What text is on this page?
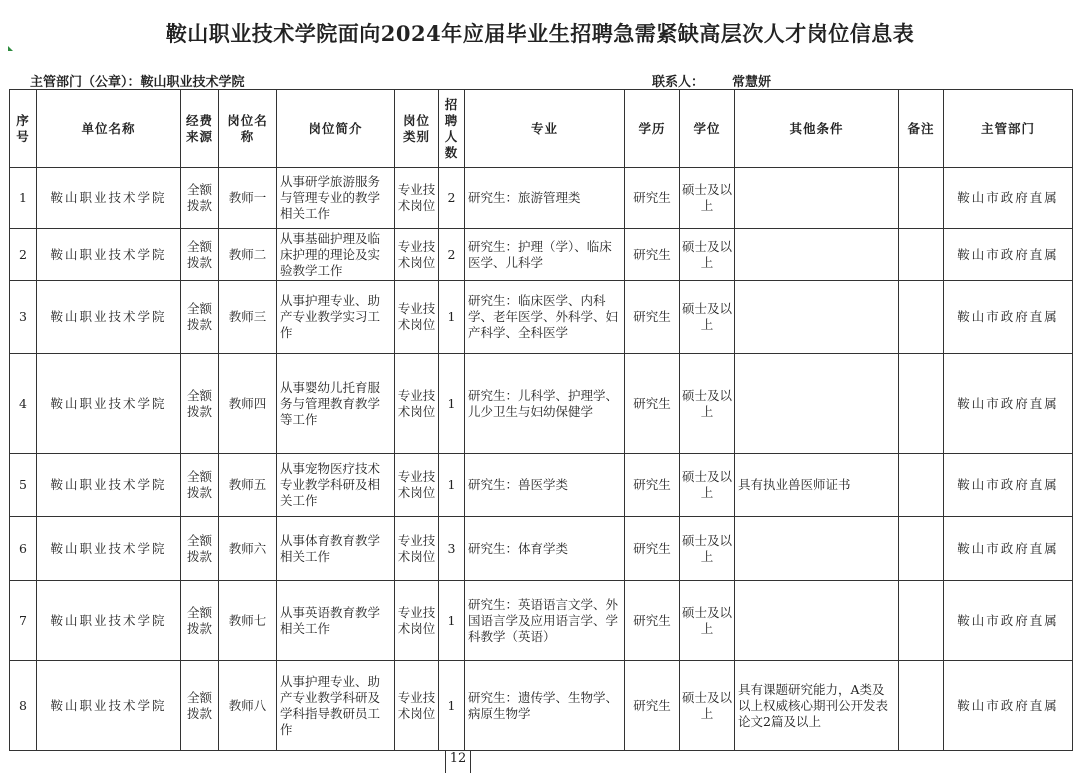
鞍山职业技术学院面向2024年应届毕业生招聘急需紧缺高层次人才岗位信息表
主管部门（公章）：鞍山职业技术学院	联系人： 常慧妍
序号	单位名称	经费来源	岗位名称	岗位简介	岗位类别	招聘人数	专业	学历	学位	其他条件	备注	主管部门
1	鞍山职业技术学院	全额拨款	教师一	从事研学旅游服务与管理专业的教学相关工作	专业技术岗位	2	研究生：旅游管理类	研究生	硕士及以上			鞍山市政府直属
2	鞍山职业技术学院	全额拨款	教师二	从事基础护理及临床护理的理论及实验教学工作	专业技术岗位	2	研究生：护理（学）、临床医学、儿科学	研究生	硕士及以上			鞍山市政府直属
3	鞍山职业技术学院	全额拨款	教师三	从事护理专业、助产专业教学实习工作	专业技术岗位	1	研究生：临床医学、内科学、老年医学、外科学、妇产科学、全科医学	研究生	硕士及以上			鞍山市政府直属
4	鞍山职业技术学院	全额拨款	教师四	从事婴幼儿托育服务与管理教育教学等工作	专业技术岗位	1	研究生：儿科学、护理学、儿少卫生与妇幼保健学	研究生	硕士及以上			鞍山市政府直属
5	鞍山职业技术学院	全额拨款	教师五	从事宠物医疗技术专业教学科研及相关工作	专业技术岗位	1	研究生：兽医学类	研究生	硕士及以上	具有执业兽医师证书		鞍山市政府直属
6	鞍山职业技术学院	全额拨款	教师六	从事体育教育教学相关工作	专业技术岗位	3	研究生：体育学类	研究生	硕士及以上			鞍山市政府直属
7	鞍山职业技术学院	全额拨款	教师七	从事英语教育教学相关工作	专业技术岗位	1	研究生：英语语言文学、外国语言学及应用语言学、学科教学（英语）	研究生	硕士及以上			鞍山市政府直属
8	鞍山职业技术学院	全额拨款	教师八	从事护理专业、助产专业教学科研及学科指导教研员工作	专业技术岗位	1	研究生：遗传学、生物学、病原生物学	研究生	硕士及以上	具有课题研究能力，A类及以上权威核心期刊公开发表论文2篇及以上		鞍山市政府直属
12
